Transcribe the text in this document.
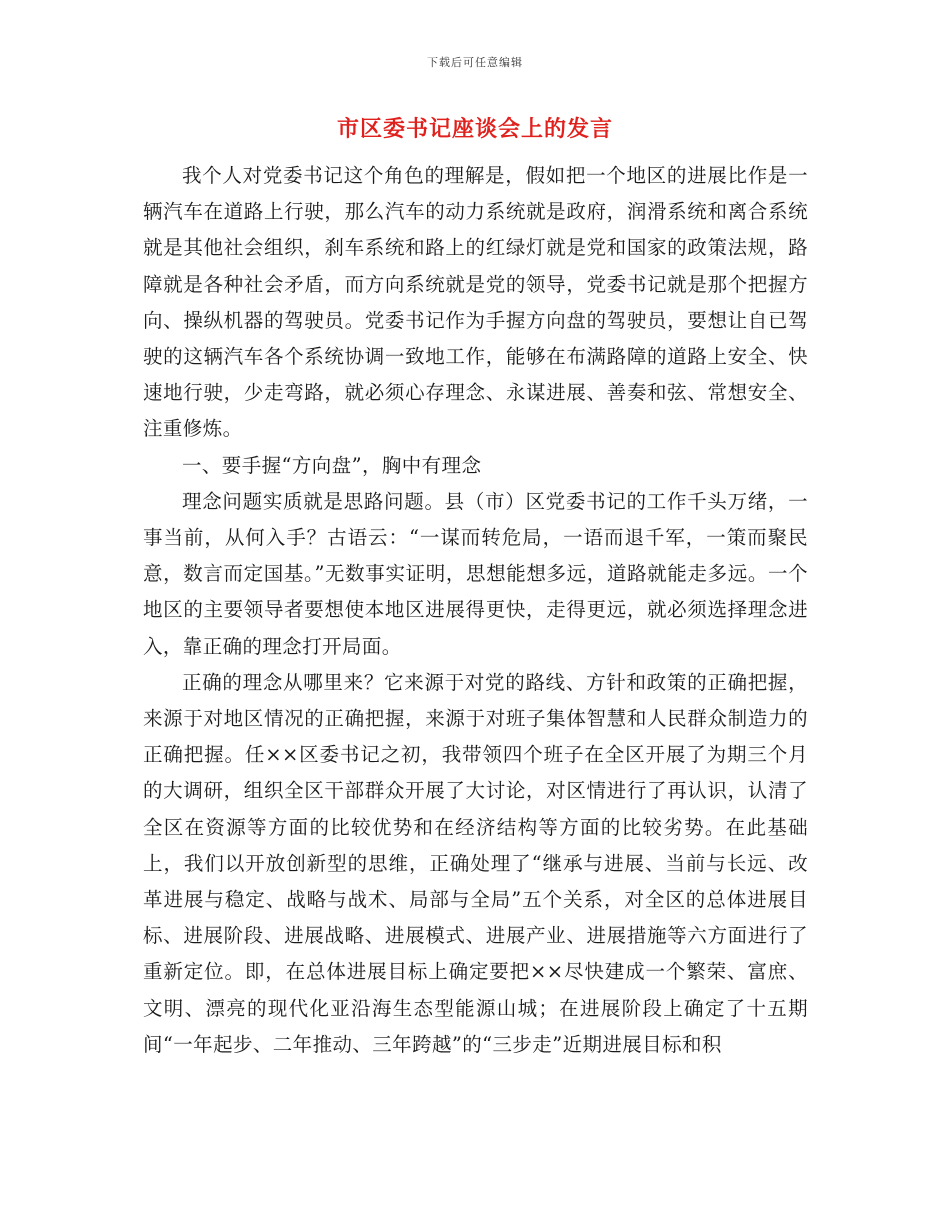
下载后可任意编辑
市区委书记座谈会上的发言

我个人对党委书记这个角色的理解是，假如把一个地区的进展比作是一辆汽车在道路上行驶，那么汽车的动力系统就是政府，润滑系统和离合系统就是其他社会组织，刹车系统和路上的红绿灯就是党和国家的政策法规，路障就是各种社会矛盾，而方向系统就是党的领导，党委书记就是那个把握方向、操纵机器的驾驶员。党委书记作为手握方向盘的驾驶员，要想让自已驾驶的这辆汽车各个系统协调一致地工作，能够在布满路障的道路上安全、快速地行驶，少走弯路，就必须心存理念、永谋进展、善奏和弦、常想安全、注重修炼。

一、要手握“方向盘”，胸中有理念

理念问题实质就是思路问题。县（市）区党委书记的工作千头万绪，一事当前，从何入手？古语云：“一谋而转危局，一语而退千军，一策而聚民意，数言而定国基。”无数事实证明，思想能想多远，道路就能走多远。一个地区的主要领导者要想使本地区进展得更快，走得更远，就必须选择理念进入，靠正确的理念打开局面。

正确的理念从哪里来？它来源于对党的路线、方针和政策的正确把握，来源于对地区情况的正确把握，来源于对班子集体智慧和人民群众制造力的正确把握。任××区委书记之初，我带领四个班子在全区开展了为期三个月的大调研，组织全区干部群众开展了大讨论，对区情进行了再认识，认清了全区在资源等方面的比较优势和在经济结构等方面的比较劣势。在此基础上，我们以开放创新型的思维，正确处理了“继承与进展、当前与长远、改革进展与稳定、战略与战术、局部与全局”五个关系，对全区的总体进展目标、进展阶段、进展战略、进展模式、进展产业、进展措施等六方面进行了重新定位。即，在总体进展目标上确定要把××尽快建成一个繁荣、富庶、文明、漂亮的现代化亚沿海生态型能源山城；在进展阶段上确定了十五期间“一年起步、二年推动、三年跨越”的“三步走”近期进展目标和积
